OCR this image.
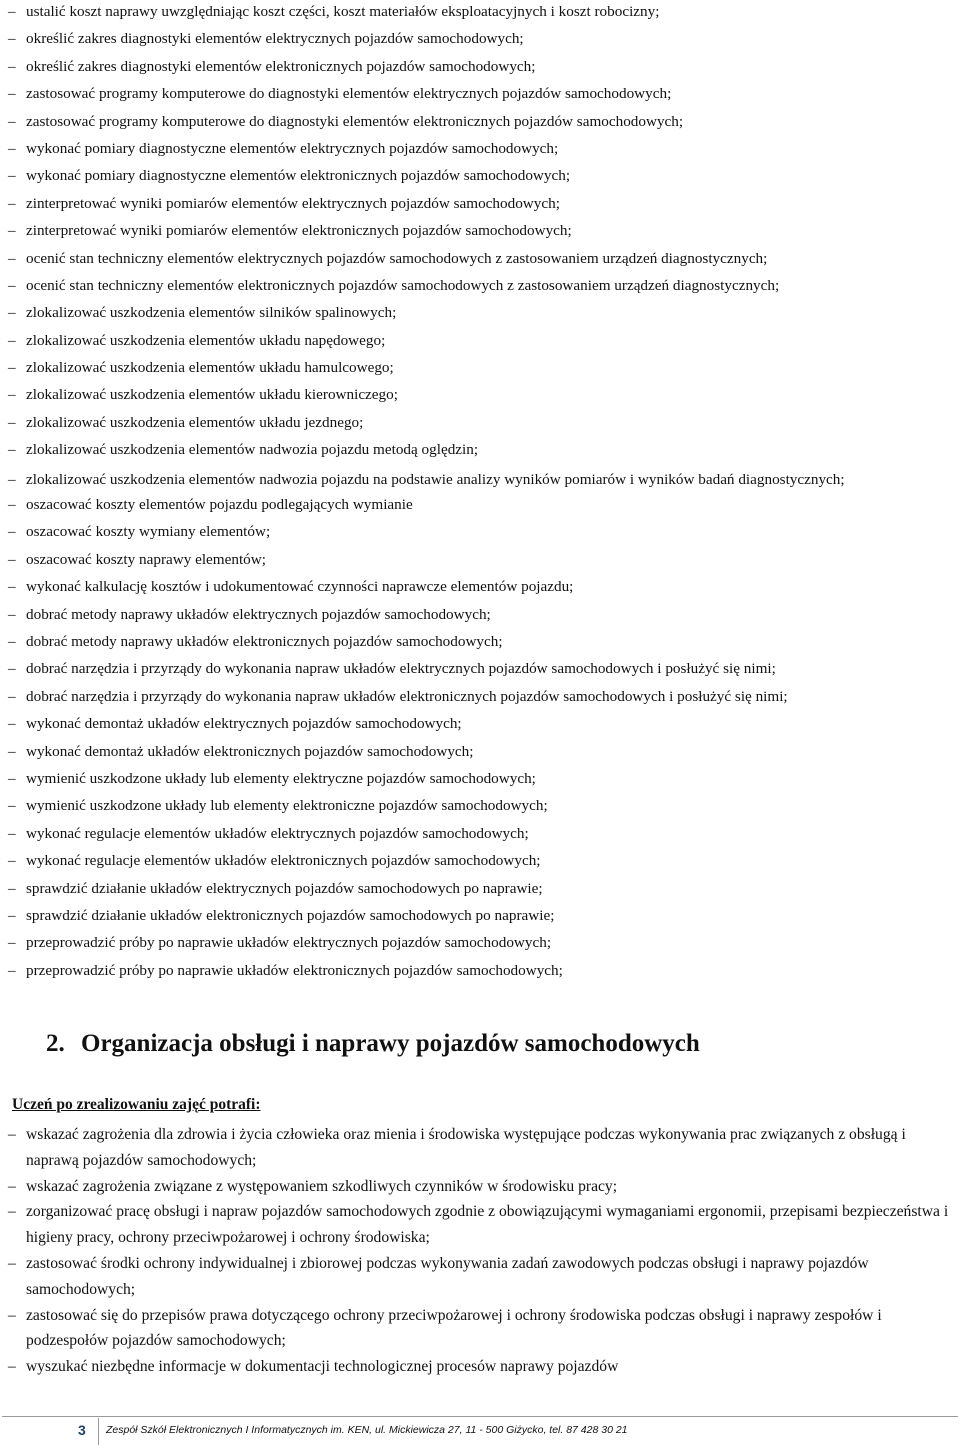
– ustalić koszt naprawy uwzględniając koszt części, koszt materiałów eksploatacyjnych i koszt robocizny;
– określić zakres diagnostyki elementów elektrycznych pojazdów samochodowych;
– określić zakres diagnostyki elementów elektronicznych pojazdów samochodowych;
– zastosować programy komputerowe do diagnostyki elementów elektrycznych pojazdów samochodowych;
– zastosować programy komputerowe do diagnostyki elementów elektronicznych pojazdów samochodowych;
– wykonać pomiary diagnostyczne elementów elektrycznych pojazdów samochodowych;
– wykonać pomiary diagnostyczne elementów elektronicznych pojazdów samochodowych;
– zinterpretować wyniki pomiarów elementów elektrycznych pojazdów samochodowych;
– zinterpretować wyniki pomiarów elementów elektronicznych pojazdów samochodowych;
– ocenić stan techniczny elementów elektrycznych pojazdów samochodowych z zastosowaniem urządzeń diagnostycznych;
– ocenić stan techniczny elementów elektronicznych pojazdów samochodowych z zastosowaniem urządzeń diagnostycznych;
– zlokalizować uszkodzenia elementów silników spalinowych;
– zlokalizować uszkodzenia elementów układu napędowego;
– zlokalizować uszkodzenia elementów układu hamulcowego;
– zlokalizować uszkodzenia elementów układu kierowniczego;
– zlokalizować uszkodzenia elementów układu jezdnego;
– zlokalizować uszkodzenia elementów nadwozia pojazdu metodą oględzin;
– zlokalizować uszkodzenia elementów nadwozia pojazdu na podstawie analizy wyników pomiarów i wyników badań diagnostycznych;
– oszacować koszty elementów pojazdu podlegających wymianie
– oszacować koszty wymiany elementów;
– oszacować koszty naprawy elementów;
– wykonać kalkulację kosztów i udokumentować czynności naprawcze elementów pojazdu;
– dobrać metody naprawy układów elektrycznych pojazdów samochodowych;
– dobrać metody naprawy układów elektronicznych pojazdów samochodowych;
– dobrać narzędzia i przyrządy do wykonania napraw układów elektrycznych pojazdów samochodowych i posłużyć się nimi;
– dobrać narzędzia i przyrządy do wykonania napraw układów elektronicznych pojazdów samochodowych i posłużyć się nimi;
– wykonać demontaż układów elektrycznych pojazdów samochodowych;
– wykonać demontaż układów elektronicznych pojazdów samochodowych;
– wymienić uszkodzone układy lub elementy elektryczne pojazdów samochodowych;
– wymienić uszkodzone układy lub elementy elektroniczne pojazdów samochodowych;
– wykonać regulacje elementów układów elektrycznych pojazdów samochodowych;
– wykonać regulacje elementów układów elektronicznych pojazdów samochodowych;
– sprawdzić działanie układów elektrycznych pojazdów samochodowych po naprawie;
– sprawdzić działanie układów elektronicznych pojazdów samochodowych po naprawie;
– przeprowadzić próby po naprawie układów elektrycznych pojazdów samochodowych;
– przeprowadzić próby po naprawie układów elektronicznych pojazdów samochodowych;
2. Organizacja obsługi i naprawy pojazdów samochodowych
Uczeń po zrealizowaniu zajęć potrafi:
– wskazać zagrożenia dla zdrowia i życia człowieka oraz mienia i środowiska występujące podczas wykonywania prac związanych z obsługą i naprawą pojazdów samochodowych;
– wskazać zagrożenia związane z występowaniem szkodliwych czynników w środowisku pracy;
– zorganizować pracę obsługi i napraw pojazdów samochodowych zgodnie z obowiązującymi wymaganiami ergonomii, przepisami bezpieczeństwa i higieny pracy, ochrony przeciwpożarowej i ochrony środowiska;
– zastosować środki ochrony indywidualnej i zbiorowej podczas wykonywania zadań zawodowych podczas obsługi i naprawy pojazdów samochodowych;
– zastosować się do przepisów prawa dotyczącego ochrony przeciwpożarowej i ochrony środowiska podczas obsługi i naprawy zespołów i podzespołów pojazdów samochodowych;
– wyszukać niezbędne informacje w dokumentacji technologicznej procesów naprawy pojazdów
3 Zespół Szkół Elektronicznych I Informatycznych im. KEN, ul. Mickiewicza 27, 11 - 500 Giżycko, tel. 87 428 30 21
